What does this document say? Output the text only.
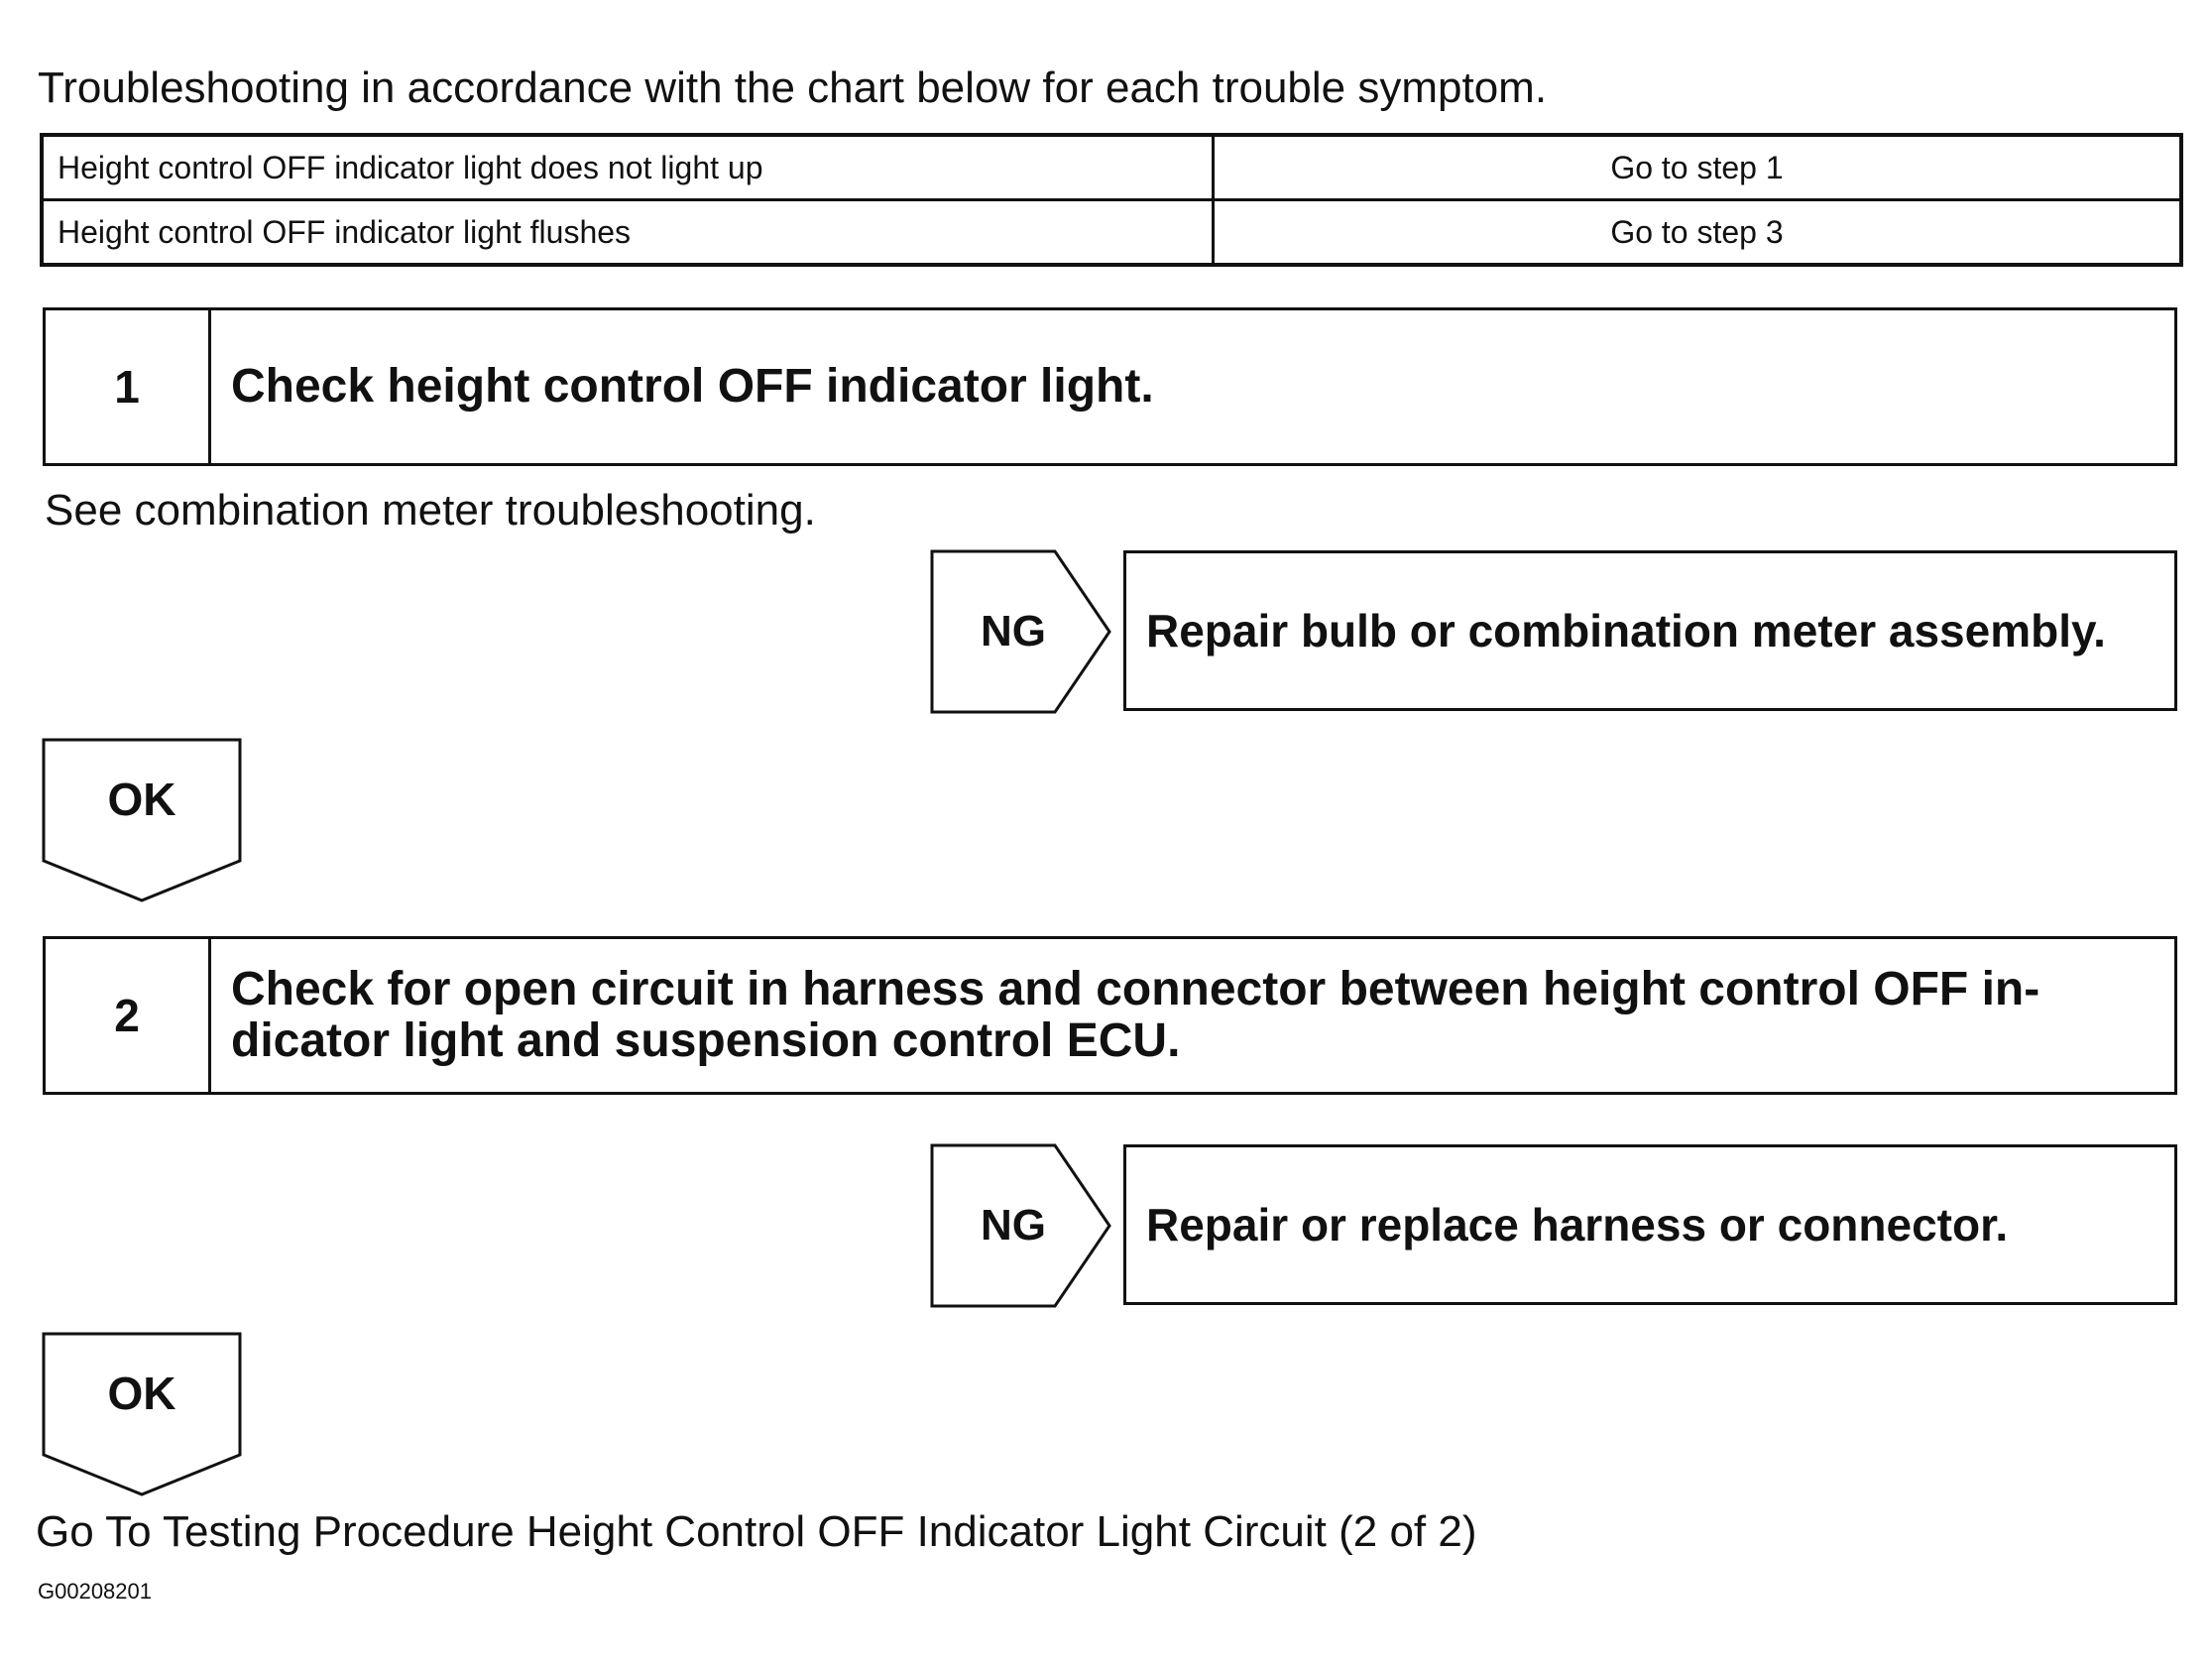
Troubleshooting in accordance with the chart below for each trouble symptom.
Height control OFF indicator light does not light up	Go to step 1
Height control OFF indicator light flushes	Go to step 3
1	Check height control OFF indicator light.
See combination meter troubleshooting.
NG	Repair bulb or combination meter assembly.
OK
2	Check for open circuit in harness and connector between height control OFF in-
dicator light and suspension control ECU.
NG	Repair or replace harness or connector.
OK
Go To Testing Procedure Height Control OFF Indicator Light Circuit (2 of 2)
G00208201
